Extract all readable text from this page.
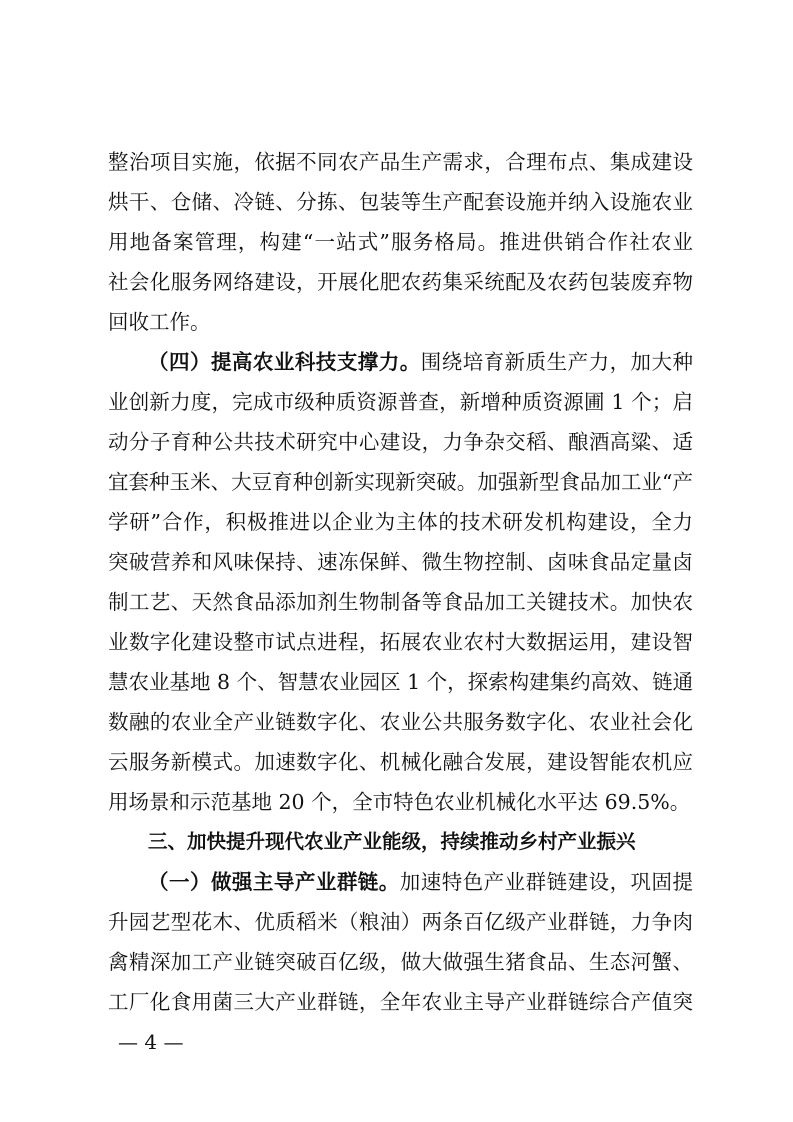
整治项目实施，依据不同农产品生产需求，合理布点、集成建设
烘干、仓储、冷链、分拣、包装等生产配套设施并纳入设施农业
用地备案管理，构建“一站式”服务格局。推进供销合作社农业
社会化服务网络建设，开展化肥农药集采统配及农药包装废弃物
回收工作。
（四）提高农业科技支撑力。围绕培育新质生产力，加大种
业创新力度，完成市级种质资源普查，新增种质资源圃 1 个；启
动分子育种公共技术研究中心建设，力争杂交稻、酿酒高粱、适
宜套种玉米、大豆育种创新实现新突破。加强新型食品加工业“产
学研”合作，积极推进以企业为主体的技术研发机构建设，全力
突破营养和风味保持、速冻保鲜、微生物控制、卤味食品定量卤
制工艺、天然食品添加剂生物制备等食品加工关键技术。加快农
业数字化建设整市试点进程，拓展农业农村大数据运用，建设智
慧农业基地 8 个、智慧农业园区 1 个，探索构建集约高效、链通
数融的农业全产业链数字化、农业公共服务数字化、农业社会化
云服务新模式。加速数字化、机械化融合发展，建设智能农机应
用场景和示范基地 20 个，全市特色农业机械化水平达 69.5%。
三、加快提升现代农业产业能级，持续推动乡村产业振兴
（一）做强主导产业群链。加速特色产业群链建设，巩固提
升园艺型花木、优质稻米（粮油）两条百亿级产业群链，力争肉
禽精深加工产业链突破百亿级，做大做强生猪食品、生态河蟹、
工厂化食用菌三大产业群链，全年农业主导产业群链综合产值突
— 4 —
